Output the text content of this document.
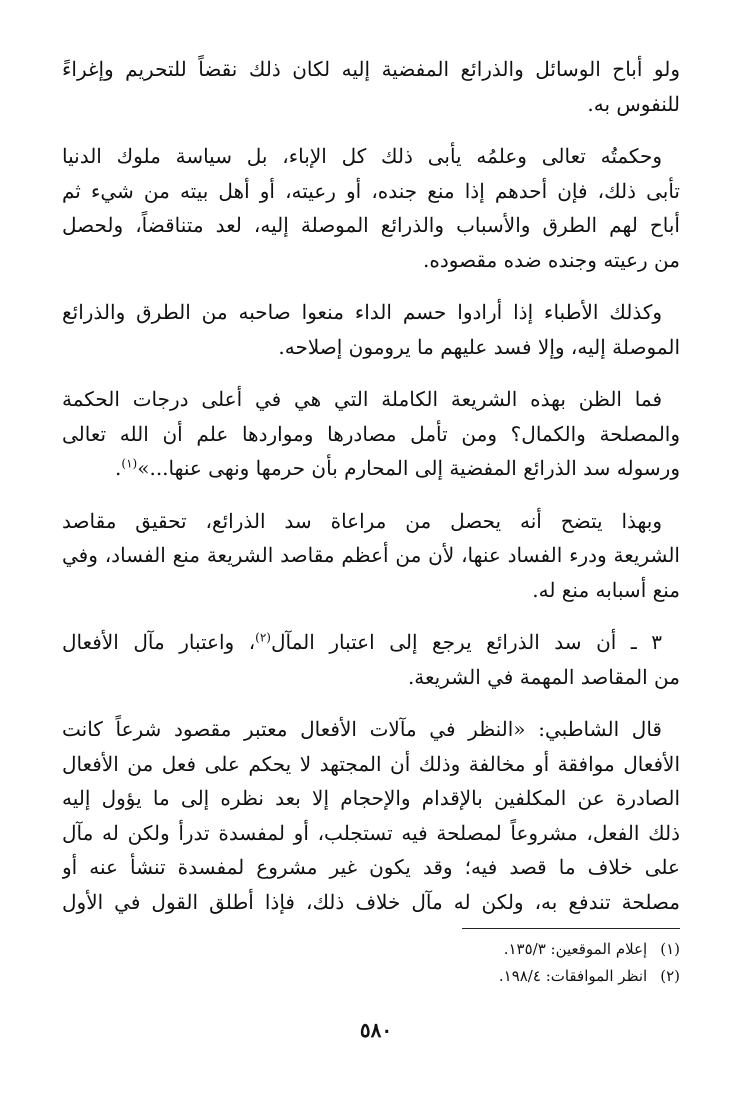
ولو أباح الوسائل والذرائع المفضية إليه لكان ذلك نقضاً للتحريم وإغراءً
للنفوس به.

وحكمتُه تعالى وعلمُه يأبى ذلك كل الإباء، بل سياسة ملوك الدنيا
تأبى ذلك، فإن أحدهم إذا منع جنده، أو رعيته، أو أهل بيته من شيء ثم
أباح لهم الطرق والأسباب والذرائع الموصلة إليه، لعد متناقضاً، ولحصل
من رعيته وجنده ضده مقصوده.

وكذلك الأطباء إذا أرادوا حسم الداء منعوا صاحبه من الطرق والذرائع
الموصلة إليه، وإلا فسد عليهم ما يرومون إصلاحه.

فما الظن بهذه الشريعة الكاملة التي هي في أعلى درجات الحكمة
والمصلحة والكمال؟ ومن تأمل مصادرها ومواردها علم أن الله تعالى
ورسوله سد الذرائع المفضية إلى المحارم بأن حرمها ونهى عنها...»$^{(١)}$.

وبهذا يتضح أنه يحصل من مراعاة سد الذرائع، تحقيق مقاصد
الشريعة ودرء الفساد عنها، لأن من أعظم مقاصد الشريعة منع الفساد، وفي
منع أسبابه منع له.

٣ ـ أن سد الذرائع يرجع إلى اعتبار المآل$^{(٢)}$، واعتبار مآل الأفعال
من المقاصد المهمة في الشريعة.

قال الشاطبي: «النظر في مآلات الأفعال معتبر مقصود شرعاً كانت
الأفعال موافقة أو مخالفة وذلك أن المجتهد لا يحكم على فعل من الأفعال
الصادرة عن المكلفين بالإقدام والإحجام إلا بعد نظره إلى ما يؤول إليه
ذلك الفعل، مشروعاً لمصلحة فيه تستجلب، أو لمفسدة تدرأ ولكن له مآل
على خلاف ما قصد فيه؛ وقد يكون غير مشروع لمفسدة تنشأ عنه أو
مصلحة تندفع به، ولكن له مآل خلاف ذلك، فإذا أطلق القول في الأول

(١) إعلام الموقعين: ١٣٥/٣.
(٢) انظر الموافقات: ١٩٨/٤.
٥٨٠
